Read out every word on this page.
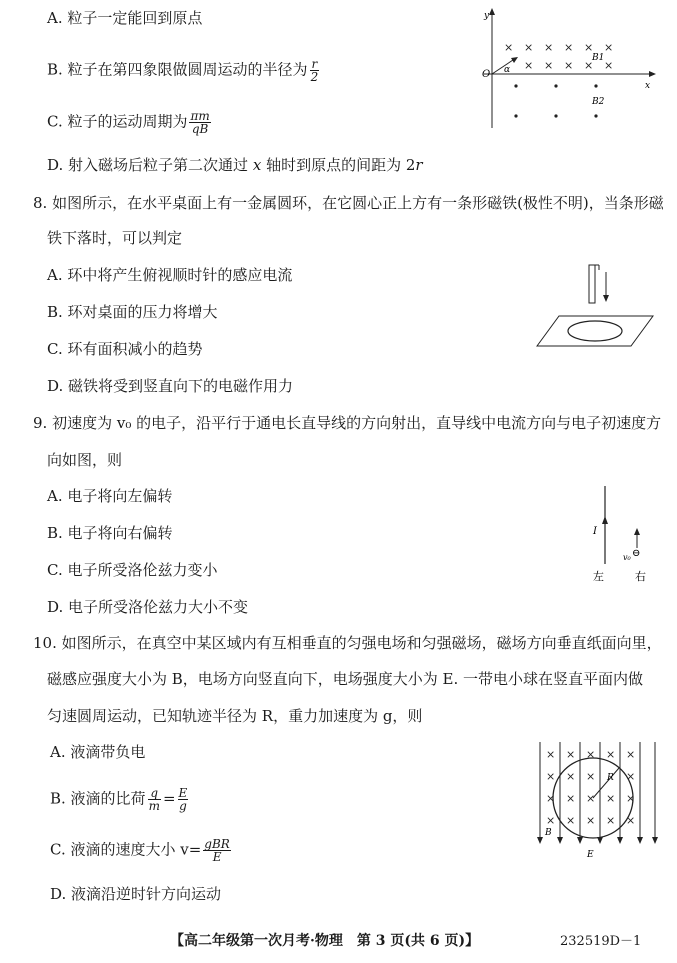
A. 粒子一定能回到原点
B. 粒子在第四象限做圆周运动的半径为 $\frac{r}{2}$
C. 粒子的运动周期为 $\frac{\pi m}{qB}$
D. 射入磁场后粒子第二次通过 x 轴时到原点的间距为 2r
y
x
O
× × × × × ×
× × × × ×
α
B1
B2
8. 如图所示，在水平桌面上有一金属圆环，在它圆心正上方有一条形磁铁(极性不明)，当条形磁
铁下落时，可以判定
A. 环中将产生俯视顺时针的感应电流
B. 环对桌面的压力将增大
C. 环有面积减小的趋势
D. 磁铁将受到竖直向下的电磁作用力
9. 初速度为 v₀ 的电子，沿平行于通电长直导线的方向射出，直导线中电流方向与电子初速度方
向如图，则
A. 电子将向左偏转
B. 电子将向右偏转
C. 电子所受洛伦兹力变小
D. 电子所受洛伦兹力大小不变
I
⊖
v₀
左	右
10. 如图所示，在真空中某区域内有互相垂直的匀强电场和匀强磁场，磁场方向垂直纸面向里，
磁感应强度大小为 B，电场方向竖直向下，电场强度大小为 E. 一带电小球在竖直平面内做
匀速圆周运动，已知轨迹半径为 R，重力加速度为 g，则
A. 液滴带负电
B. 液滴的比荷 $\frac{q}{m} = \frac{E}{g}$
C. 液滴的速度大小 $v= \frac{\text{gBR}}{E}$
D. 液滴沿逆时针方向运动
× × × × ×
× × ×	×
× × × × ×
× × × × ×
R
B
E
【高二年级第一次月考·物理　第 3 页(共 6 页)】	232519D－1
